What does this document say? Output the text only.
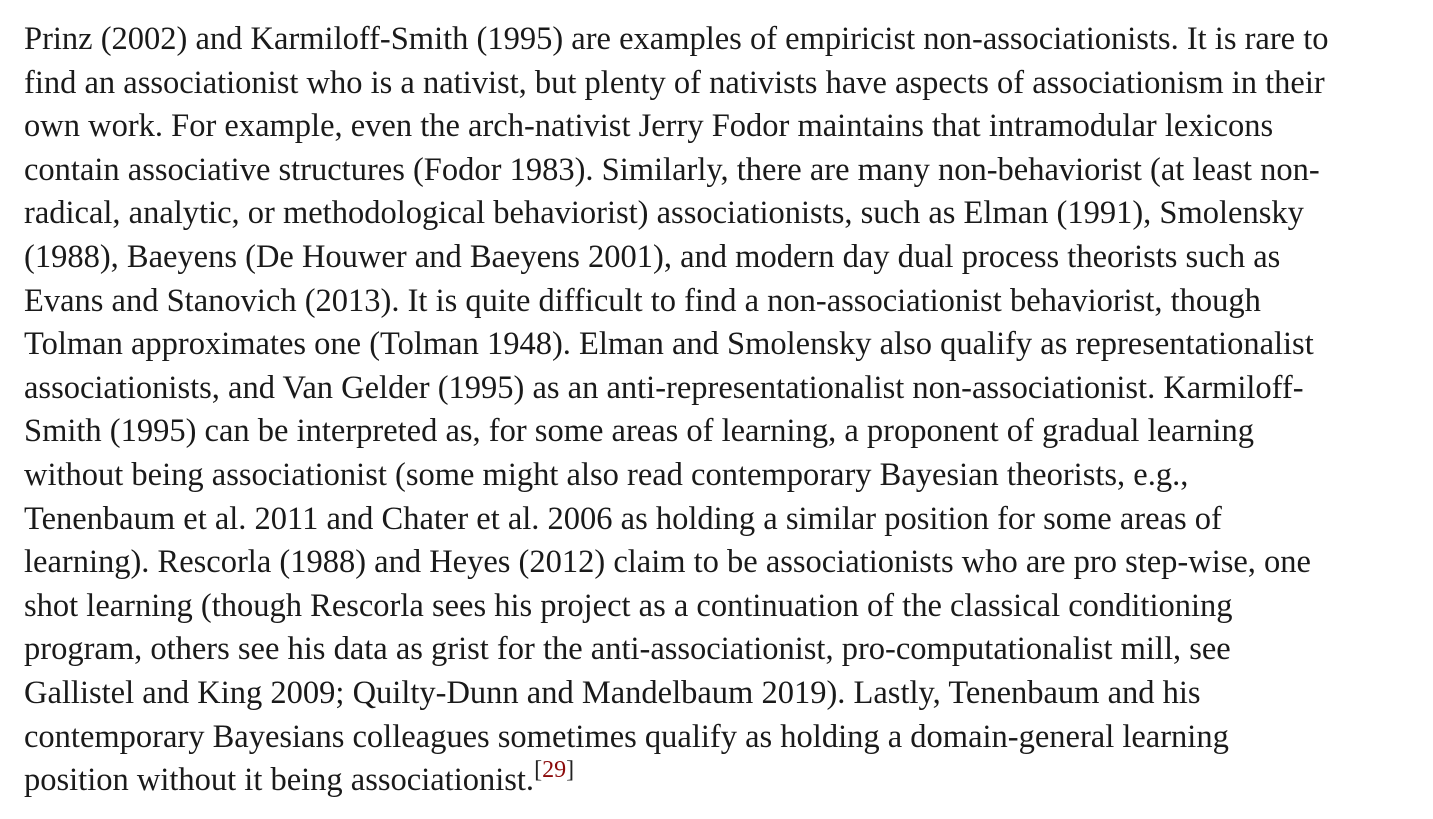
Prinz (2002) and Karmiloff-Smith (1995) are examples of empiricist non-associationists. It is rare to
find an associationist who is a nativist, but plenty of nativists have aspects of associationism in their
own work. For example, even the arch-nativist Jerry Fodor maintains that intramodular lexicons
contain associative structures (Fodor 1983). Similarly, there are many non-behaviorist (at least non-
radical, analytic, or methodological behaviorist) associationists, such as Elman (1991), Smolensky
(1988), Baeyens (De Houwer and Baeyens 2001), and modern day dual process theorists such as
Evans and Stanovich (2013). It is quite difficult to find a non-associationist behaviorist, though
Tolman approximates one (Tolman 1948). Elman and Smolensky also qualify as representationalist
associationists, and Van Gelder (1995) as an anti-representationalist non-associationist. Karmiloff-
Smith (1995) can be interpreted as, for some areas of learning, a proponent of gradual learning
without being associationist (some might also read contemporary Bayesian theorists, e.g.,
Tenenbaum et al. 2011 and Chater et al. 2006 as holding a similar position for some areas of
learning). Rescorla (1988) and Heyes (2012) claim to be associationists who are pro step-wise, one
shot learning (though Rescorla sees his project as a continuation of the classical conditioning
program, others see his data as grist for the anti-associationist, pro-computationalist mill, see
Gallistel and King 2009; Quilty-Dunn and Mandelbaum 2019). Lastly, Tenenbaum and his
contemporary Bayesians colleagues sometimes qualify as holding a domain-general learning
position without it being associationist.[29]
